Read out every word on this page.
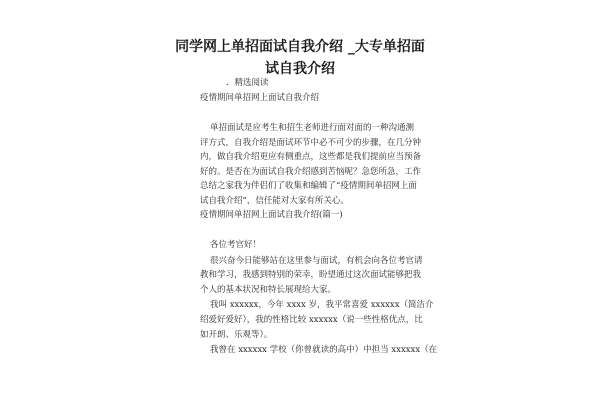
同学网上单招面试自我介绍 _大专单招面
试自我介绍

．精选阅读

疫情期间单招网上面试自我介绍

单招面试是应考生和招生老师进行面对面的一种沟通测

评方式，自我介绍是面试环节中必不可少的步骤，在几分钟

内，做自我介绍更应有侧重点，这些都是我们提前应当预备

好的。是否在为面试自我介绍感到苦恼呢？急您所急，工作

总结之家我为伴侣们了收集和编辑了“疫情期间单招网上面

试自我介绍”，信任能对大家有所关心。

疫情期间单招网上面试自我介绍(篇一)

各位考官好！

很兴奋今日能够站在这里参与面试，有机会向各位考官请

教和学习，我感到特别的荣幸，盼望通过这次面试能够把我

个人的基本状况和特长展现给大家。

我叫 xxxxxx，今年 xxxx 岁，我平常喜爱 xxxxxx（简洁介

绍爱好爱好），我的性格比较 xxxxxx（说一些性格优点，比

如开朗、乐观等）。

我曾在 xxxxxx 学校（你曾就读的高中）中担当 xxxxxx（在
